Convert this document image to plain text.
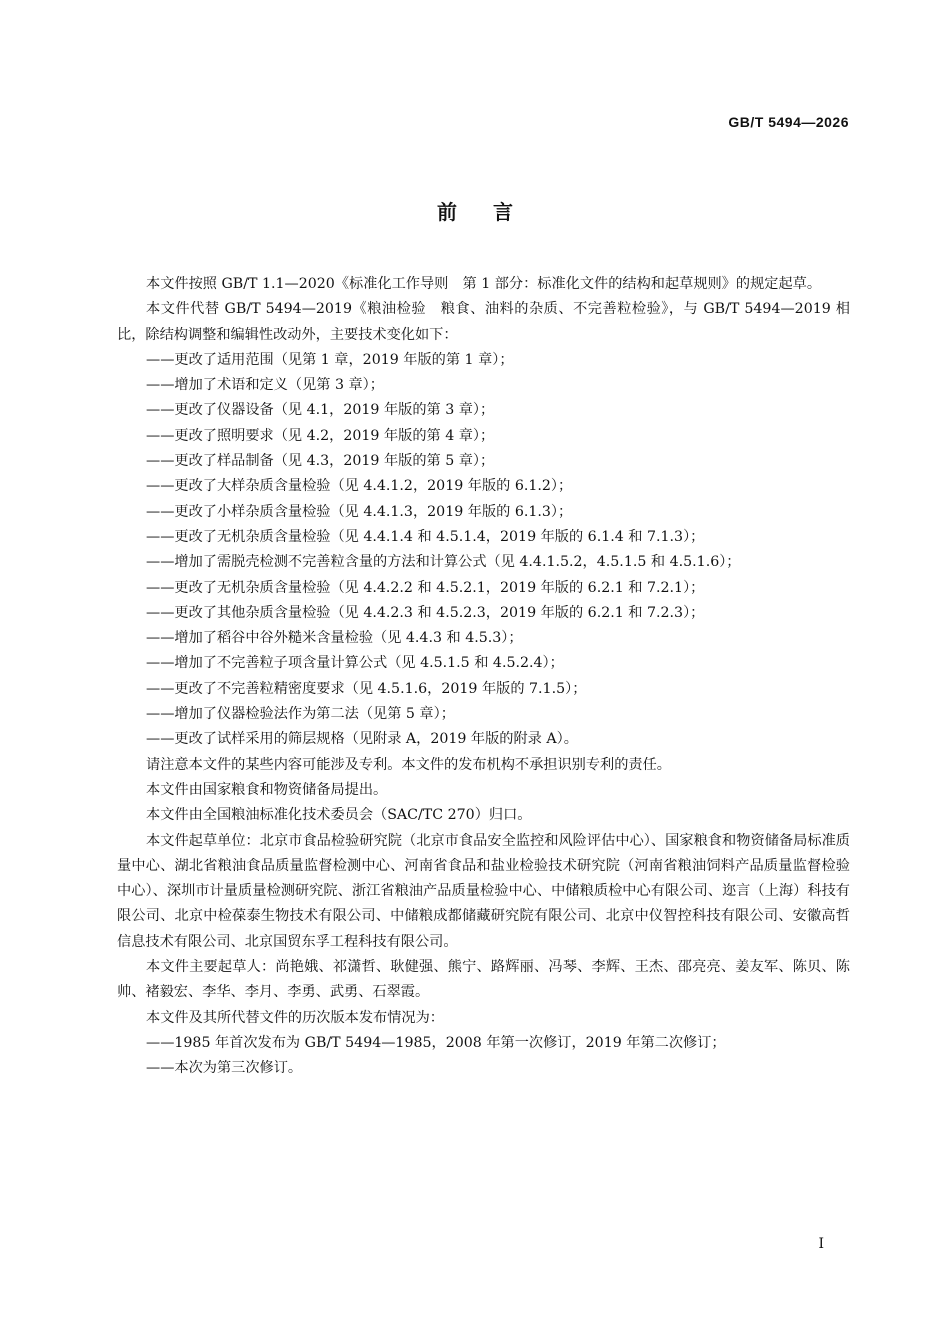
GB/T 5494—2026
前言

本文件按照 GB/T 1.1—2020《标准化工作导则　第 1 部分：标准化文件的结构和起草规则》的规定起草。

本文件代替 GB/T 5494—2019《粮油检验　粮食、油料的杂质、不完善粒检验》，与 GB/T 5494—2019 相比，除结构调整和编辑性改动外，主要技术变化如下：

——更改了适用范围（见第 1 章，2019 年版的第 1 章）；

——增加了术语和定义（见第 3 章）；

——更改了仪器设备（见 4.1，2019 年版的第 3 章）；

——更改了照明要求（见 4.2，2019 年版的第 4 章）；

——更改了样品制备（见 4.3，2019 年版的第 5 章）；

——更改了大样杂质含量检验（见 4.4.1.2，2019 年版的 6.1.2）；

——更改了小样杂质含量检验（见 4.4.1.3，2019 年版的 6.1.3）；

——更改了无机杂质含量检验（见 4.4.1.4 和 4.5.1.4，2019 年版的 6.1.4 和 7.1.3）；

——增加了需脱壳检测不完善粒含量的方法和计算公式（见 4.4.1.5.2，4.5.1.5 和 4.5.1.6）；

——更改了无机杂质含量检验（见 4.4.2.2 和 4.5.2.1，2019 年版的 6.2.1 和 7.2.1）；

——更改了其他杂质含量检验（见 4.4.2.3 和 4.5.2.3，2019 年版的 6.2.1 和 7.2.3）；

——增加了稻谷中谷外糙米含量检验（见 4.4.3 和 4.5.3）；

——增加了不完善粒子项含量计算公式（见 4.5.1.5 和 4.5.2.4）；

——更改了不完善粒精密度要求（见 4.5.1.6，2019 年版的 7.1.5）；

——增加了仪器检验法作为第二法（见第 5 章）；

——更改了试样采用的筛层规格（见附录 A，2019 年版的附录 A）。

请注意本文件的某些内容可能涉及专利。本文件的发布机构不承担识别专利的责任。

本文件由国家粮食和物资储备局提出。

本文件由全国粮油标准化技术委员会（SAC/TC 270）归口。

本文件起草单位：北京市食品检验研究院（北京市食品安全监控和风险评估中心）、国家粮食和物资储备局标准质量中心、湖北省粮油食品质量监督检测中心、河南省食品和盐业检验技术研究院（河南省粮油饲料产品质量监督检验中心）、深圳市计量质量检测研究院、浙江省粮油产品质量检验中心、中储粮质检中心有限公司、迩言（上海）科技有限公司、北京中检葆泰生物技术有限公司、中储粮成都储藏研究院有限公司、北京中仪智控科技有限公司、安徽高哲信息技术有限公司、北京国贸东孚工程科技有限公司。

本文件主要起草人：尚艳娥、祁潇哲、耿健强、熊宁、路辉丽、冯琴、李辉、王杰、邵亮亮、姜友军、陈贝、陈帅、褚毅宏、李华、李月、李勇、武勇、石翠霞。

本文件及其所代替文件的历次版本发布情况为：

——1985 年首次发布为 GB/T 5494—1985，2008 年第一次修订，2019 年第二次修订；

——本次为第三次修订。

I
